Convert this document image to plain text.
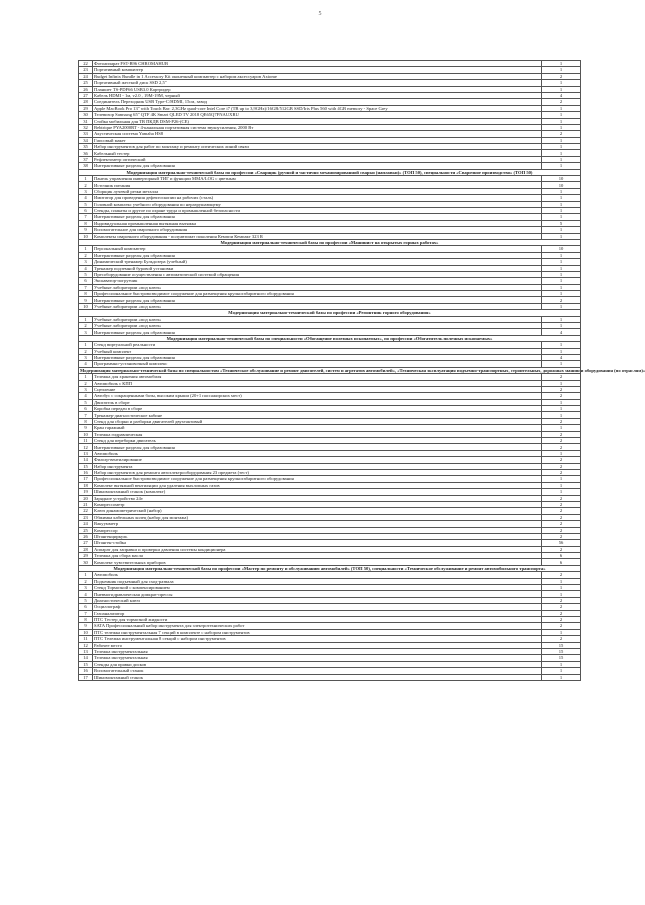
5
22	Фотоаппарат FST-B96 CHROMAHUB	1
23	Портативный компьютер	1
24	Budget Infinix Bundle in 1 Accessory Kit оконечный компьютер с набором аксессуаров Axiomе	2
25	Портативный жесткий диск SSD 2,5"	1
26	Планшет TS-PDF66 USB3.0 Картридер	1
27	Кабель HDMI - 1м, v2.0 , 19M-19M, черный	4
28	Соединитель Переходник USB Type-C/HDMI, 15см, завод	2
29	Apple MacBook Pro 13" with Touch Bar: 2,3GHz quad-core Intel Core i7 (TB up to 3,9GHz)/16GB/512GB SSD/Iris Plus 560 with 4GB memory - Space Grey	1
30	Телевизор Samsung 65" QTF 4K Smart QLED TV 2018 QE65Q7FNAUXRU	1
31	Стойка мобильная для ТВ ПКДВ DSM-P26-(CE)	1
32	Bebtrique PYA2000RT - 4-канальная портативная система звукоусиления, 2000 Вт	1
33	Акустическая система Yamaha HS8	2
34	Гипсовый макет	1
35	Набор инструментов для работ по монтажу и ремонту оптических линий связи	1
36	Кабельный тестер	1
37	Рефлектометр оптический	1
38	Интерактивные разделы для образования	1
Модернизация материально-технической базы по профессии «Сварщик (ручной и частично механизированной сварки (наплавки)» (ТОП 50), специальности «Сварочное производство» (ТОП 50)		
1	Панель управления инверторный ТИГ и функции MMA/LOG с цветным	10
2	Источник питания	10
3	Сборщик лучевой резки металла	1
4	Имитатор для проведения дефектоскопии на рабочих (сталь)	1
5	Головной комплекс учебного оборудования по неразрушающему	1
6	Стенды, плакаты и другое по охране труда и промышленной безопасности	1
7	Интерактивные разделы для образования	1
8	Индивидуальная промышленная вытяжная вытяжка	5
9	Вспомогательное для сварочного оборудования	1
10	Комплекты сварочного оборудования - полуавтомат поколения Кемппи Кемпакт 323 R	1
Модернизация материально-технической базы по профессии «Машинист на открытых горных работах»		
1	Персональный компьютер	10
2	Интерактивные разделы для образования	1
3	Динамический тренажер Бульдозера (учебный)	1
4	Тренажер подземной буровой установки	1
5	Пресоборудование осуществления с автоматической системой обращения	1
6	Экскаватор-погрузчик	1
7	Учебные лаборатории «под ключ»	1
8	Профессиональное быстровозводимое сооружение для размещения крупногабаритного оборудования	1
9	Интерактивные разделы для образования	2
10	Учебные лаборатории «под ключ»	1
Модернизация материально-технической базы по профессии «Ремонтник горного оборудования»		
1	Учебные лаборатории «под ключ»	1
2	Учебные лаборатории «под ключ»	1
3	Интерактивные разделы для образования	4
Модернизация материально-технической базы по специальности «Обогащение полезных ископаемых», по профессии «Обогатитель полезных ископаемых»		
1	Стенд виртуальной реальности	1
2	Учебный комплект	1
3	Интерактивные разделы для образования	4
4	Программно-установочный комплекс	1
Модернизация материально-технической базы по специальностям «Техническое обслуживание и ремонт двигателей, систем и агрегатов автомобилей», «Техническая эксплуатация подъемно-транспортных, строительных, дорожных машин и оборудования (по отраслям)»		
1	Тележка для хранения автомобиля	2
2	Автомобиль с КПП	1
3	Сцепление	2
4	Автобус с сокращенными базы, высоким крыши (20+1 пассажирских мест)	2
5	Двигатель в сборе	1
6	Коробка передач в сборе	1
7	Тренажер-диагностическое кабине	1
8	Стенд для сборки и разборки двигателей двухтактовый	2
9	Кран гаражный	1
10	Тележка гидравлическая	2
11	Стенд для переборки двигатель	2
12	Интерактивные разделы для образования	2
13	Автомобиль	1
14	Фильтр-вентилирование	2
15	Набор инструмента	2
16	Набор инструментов для ремонта автоэлектрооборудования 23 предмета (тест)	2
17	Профессиональное быстровозводимое сооружение для размещения крупногабаритного оборудования	1
18	Комплект вытяжной вентиляции для удаления выхлопных газов	1
19	Шиномонтажный станок (комплект)	1
20	Зарядное устройство 24v	2
21	Компрессометр	2
22	Ключ динамометрический (набор)	2
23	Обжимка кабельных колец (набор для монтажа)	2
24	Вакуумметр	2
25	Компрессор	2
26	Штангенциркуль	2
27	Штанген-стойка	56
28	Аппарат для заправки и проверки давления системы кондиционера	2
29	Тележка для сбора масла	6
30	Комплект чувствительных приборов	6
Модернизация материально-технической базы по профессии «Мастер по ремонту и обслуживанию автомобилей» (ТОП 50), специальности «Техническое обслуживание и ремонт автомобильного транспорта»		
1	Автомобиль	2
2	Подъемник подъемный для сход-развала	1
3	Стенд Тормозной с компенсированием	1
4	Пневмогидравлическая домкрат-прессы	1
5	Диагностический ключ	2
6	Осциллограф	2
7	Газоанализатор	2
8	ПТС Тестер для тормозной жидкости	2
9	SATA Профессиональный набор инструмента для электротехнических работ	2
10	ПТС тележка инструментальная 7 секций в комплекте с набором инструментов	1
11	ПТС Тележка инструментальная 8 секций с набором инструментов	2
12	Рабочее место	15
13	Тележка инструментальная	15
14	Тележка инструментальная	15
15	Стенды для правки дисков	1
16	Вспомогательный станок	1
17	Шиномонтажный станок	1
